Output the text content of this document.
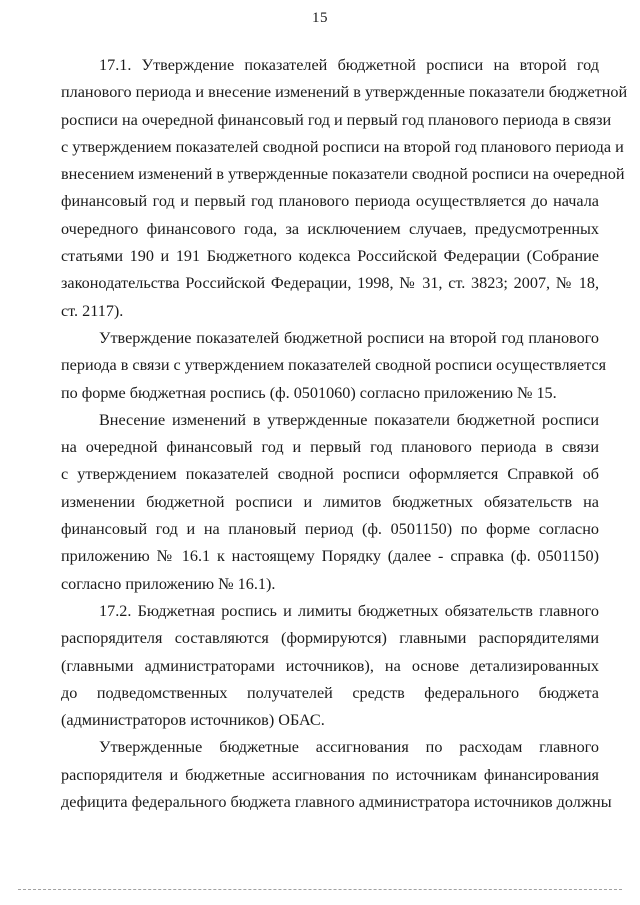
15
17.1. Утверждение показателей бюджетной росписи на второй год
планового периода и внесение изменений в утвержденные показатели бюджетной
росписи на очередной финансовый год и первый год планового периода в связи
с утверждением показателей сводной росписи на второй год планового периода и
внесением изменений в утвержденные показатели сводной росписи на очередной
финансовый год и первый год планового периода осуществляется до начала
очередного финансового года, за исключением случаев, предусмотренных
статьями 190 и 191 Бюджетного кодекса Российской Федерации (Собрание
законодательства Российской Федерации, 1998, № 31, ст. 3823; 2007, № 18,
ст. 2117).
Утверждение показателей бюджетной росписи на второй год планового
периода в связи с утверждением показателей сводной росписи осуществляется
по форме бюджетная роспись (ф. 0501060) согласно приложению № 15.
Внесение изменений в утвержденные показатели бюджетной росписи
на очередной финансовый год и первый год планового периода в связи
с утверждением показателей сводной росписи оформляется Справкой об
изменении бюджетной росписи и лимитов бюджетных обязательств на
финансовый год и на плановый период (ф. 0501150) по форме согласно
приложению № 16.1 к настоящему Порядку (далее - справка (ф. 0501150)
согласно приложению № 16.1).
17.2. Бюджетная роспись и лимиты бюджетных обязательств главного
распорядителя составляются (формируются) главными распорядителями
(главными администраторами источников), на основе детализированных
до подведомственных получателей средств федерального бюджета
(администраторов источников) ОБАС.
Утвержденные бюджетные ассигнования по расходам главного
распорядителя и бюджетные ассигнования по источникам финансирования
дефицита федерального бюджета главного администратора источников должны
